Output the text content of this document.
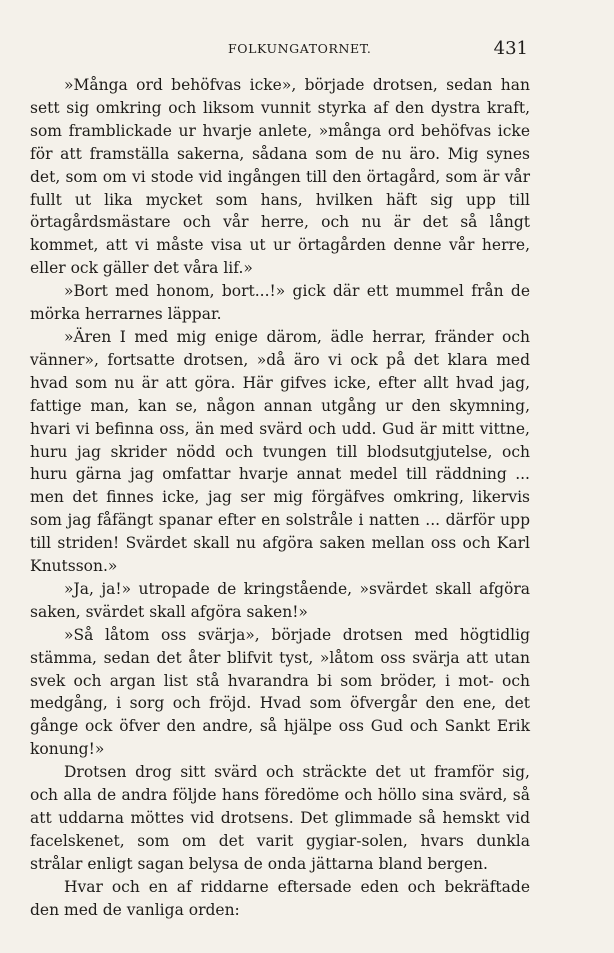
FOLKUNGATORNET.	431

»Många ord behöfvas icke», började drotsen, sedan han sett sig omkring och liksom vunnit styrka af den dystra kraft, som framblickade ur hvarje anlete, »många ord behöfvas icke för att framställa sakerna, sådana som de nu äro. Mig synes det, som om vi stode vid ingången till den örtagård, som är vår fullt ut lika mycket som hans, hvilken häft sig upp till örtagårdsmästare och vår herre, och nu är det så långt kommet, att vi måste visa ut ur örtagården denne vår herre, eller ock gäller det våra lif.»

»Bort med honom, bort...!» gick där ett mummel från de mörka herrarnes läppar.

»Ären I med mig enige därom, ädle herrar, fränder och vänner», fortsatte drotsen, »då äro vi ock på det klara med hvad som nu är att göra. Här gifves icke, efter allt hvad jag, fattige man, kan se, någon annan utgång ur den skymning, hvari vi befinna oss, än med svärd och udd. Gud är mitt vittne, huru jag skrider nödd och tvungen till blodsutgjutelse, och huru gärna jag omfattar hvarje annat medel till räddning ... men det finnes icke, jag ser mig förgäfves omkring, likervis som jag fåfängt spanar efter en solstråle i natten ... därför upp till striden! Svärdet skall nu afgöra saken mellan oss och Karl Knutsson.»

»Ja, ja!» utropade de kringstående, »svärdet skall afgöra saken, svärdet skall afgöra saken!»

»Så låtom oss svärja», började drotsen med högtidlig stämma, sedan det åter blifvit tyst, »låtom oss svärja att utan svek och argan list stå hvarandra bi som bröder, i mot- och medgång, i sorg och fröjd. Hvad som öfvergår den ene, det gånge ock öfver den andre, så hjälpe oss Gud och Sankt Erik konung!»

Drotsen drog sitt svärd och sträckte det ut framför sig, och alla de andra följde hans föredöme och höllo sina svärd, så att uddarna möttes vid drotsens. Det glimmade så hemskt vid facelskenet, som om det varit gygiar-solen, hvars dunkla strålar enligt sagan belysa de onda jättarna bland bergen.

Hvar och en af riddarne eftersade eden och bekräftade den med de vanliga orden:
